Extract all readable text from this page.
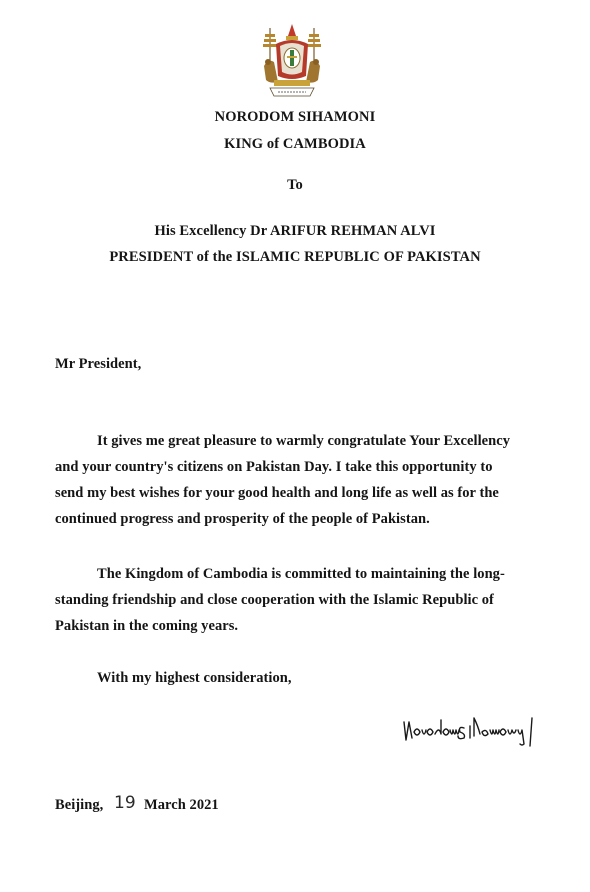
NORODOM SIHAMONI
KING of CAMBODIA
To
His Excellency Dr ARIFUR REHMAN ALVI
PRESIDENT of the ISLAMIC REPUBLIC OF PAKISTAN
Mr President,
It gives me great pleasure to warmly congratulate Your Excellency
and your country's citizens on Pakistan Day. I take this opportunity to
send my best wishes for your good health and long life as well as for the
continued progress and prosperity of the people of Pakistan.
The Kingdom of Cambodia is committed to maintaining the long-
standing friendship and close cooperation with the Islamic Republic of
Pakistan in the coming years.
With my highest consideration,
Beijing, 19 March 2021
